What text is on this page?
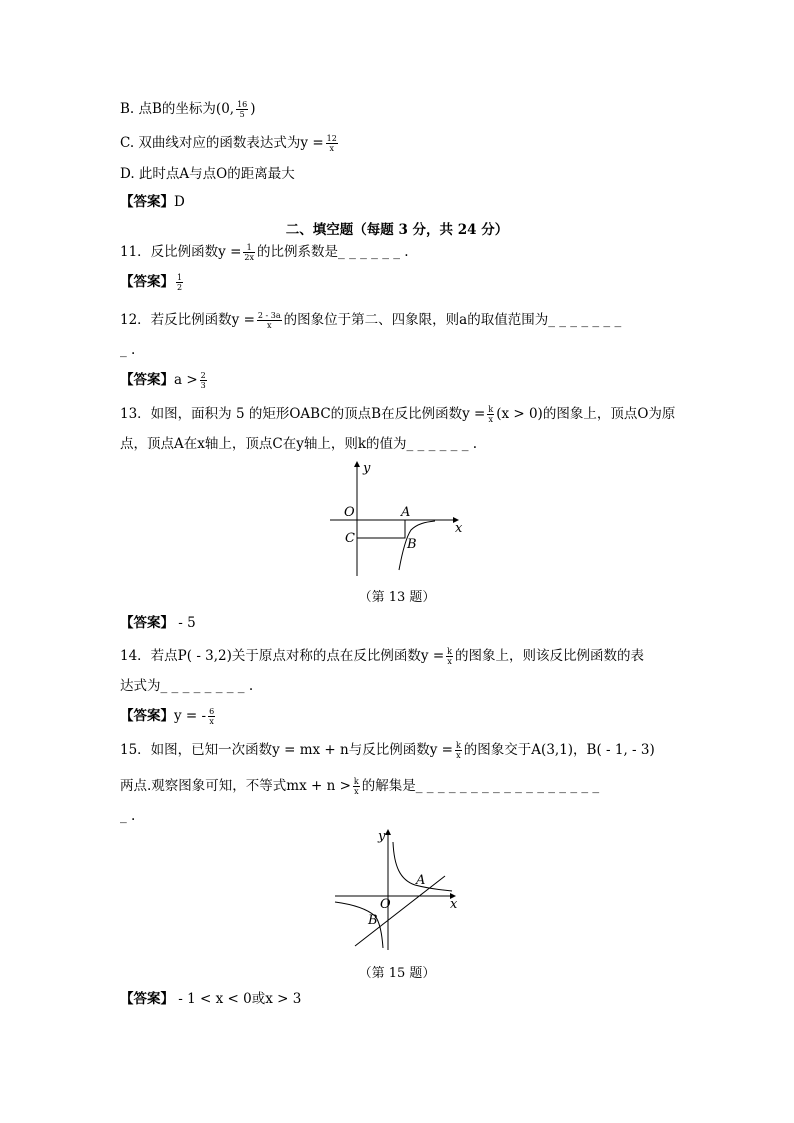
B. 点B的坐标为(0, $\frac{16}{5}$ )
C. 双曲线对应的函数表达式为$y = \frac{12}{x}$
D. 此时点A与点O的距离最大
【答案】D
二、填空题（每题 3 分，共 24 分）
11．反比例函数$y = \frac{1}{2x}$ 的比例系数是_ _ _ _ _ _ .
【答案】 $\frac{1}{2}$
12．若反比例函数$y = \frac{2 - 3a}{x}$ 的图象位于第二、四象限，则a的取值范围为_ _ _ _ _ _ _
_ .
【答案】$a > \frac{2}{3}$
13．如图，面积为 5 的矩形OABC的顶点B在反比例函数$y = \frac{k}{x} (x > 0)$的图象上，顶点O为原
点，顶点A在x轴上，顶点C在y轴上，则k的值为_ _ _ _ _ _ .
y
x
O	A
C	B
（第 13 题）
【答案】 - 5
14．若点P( - 3,2)关于原点对称的点在反比例函数$y = \frac{k}{x}$ 的图象上，则该反比例函数的表
达式为_ _ _ _ _ _ _ _ .
【答案】y = - $\frac{6}{x}$
15．如图，已知一次函数y = mx + n与反比例函数$y = \frac{k}{x}$ 的图象交于A(3,1)，B( - 1, - 3)
两点.观察图象可知，不等式mx + $n > \frac{k}{x}$ 的解集是_ _ _ _ _ _ _ _ _ _ _ _ _ _ _ _ _
_ .
y
x
O
A
B
（第 15 题）
【答案】 - 1 < x < 0或x > 3
